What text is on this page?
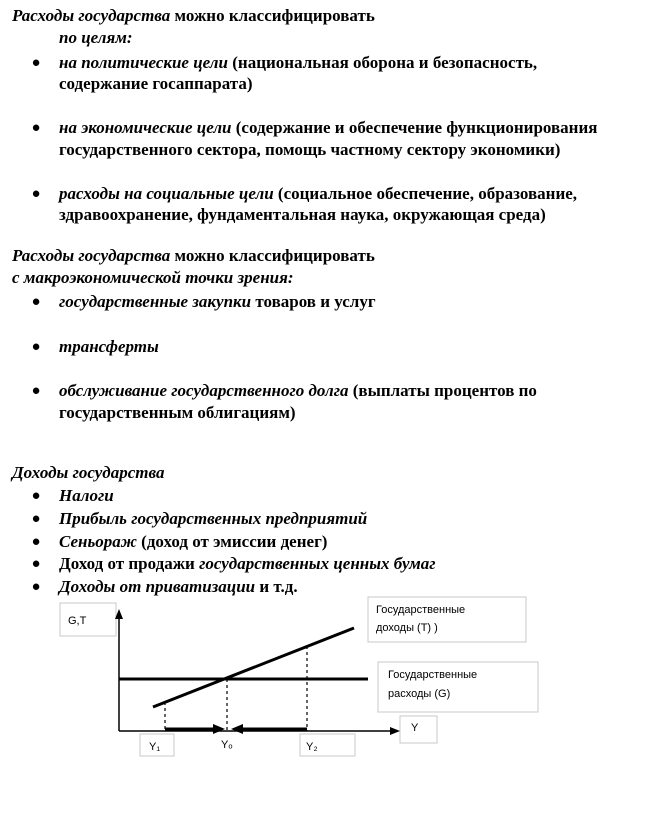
Расходы государства можно классифицировать
по целям:
●	на политические цели (национальная оборона и безопасность,
содержание госаппарата)
●	на экономические цели (содержание и обеспечение функционирования
государственного сектора, помощь частному сектору экономики)
●	расходы на социальные цели (социальное обеспечение, образование,
здравоохранение, фундаментальная наука, окружающая среда)
Расходы государства можно классифицировать
с макроэкономической точки зрения:
●	государственные закупки товаров и услуг
●	трансферты
●	обслуживание государственного долга (выплаты процентов по
государственным облигациям)
Доходы государства
●	Налоги
●	Прибыль государственных предприятий
●	Сеньораж (доход от эмиссии денег)
●	Доход от продажи государственных ценных бумаг
●	Доходы от приватизации и т.д.
G,T
Государственные
доходы (T) )
Государственные
расходы (G)
Y
Y₁	Yₒ	Y₂
